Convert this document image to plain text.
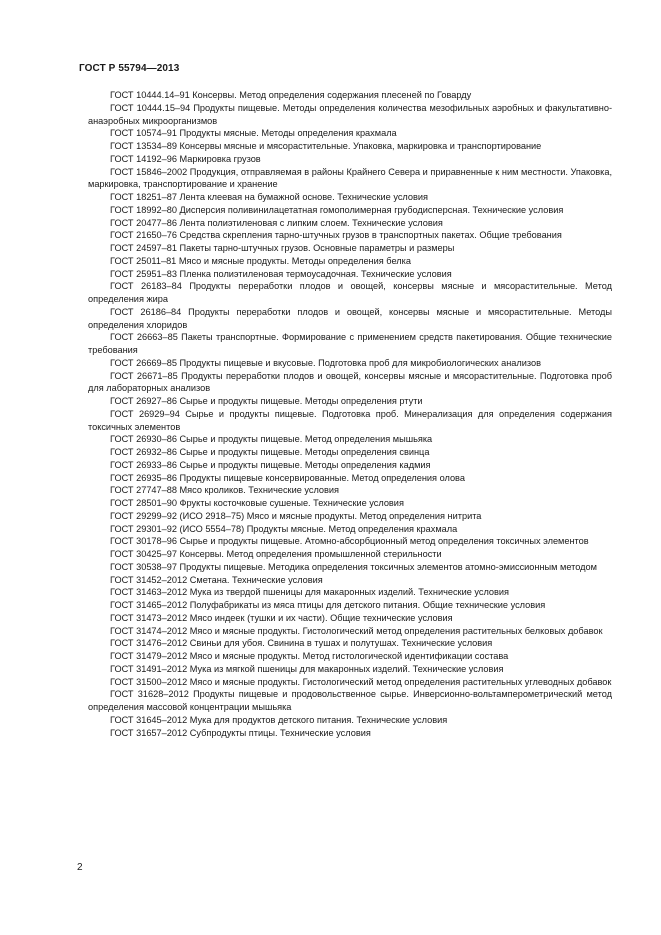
ГОСТ Р 55794—2013

ГОСТ 10444.14–91 Консервы. Метод определения содержания плесеней по Говарду

ГОСТ 10444.15–94 Продукты пищевые. Методы определения количества мезофильных аэробных и факультативно-анаэробных микроорганизмов

ГОСТ 10574–91 Продукты мясные. Методы определения крахмала

ГОСТ 13534–89 Консервы мясные и мясорастительные. Упаковка, маркировка и транспортирование

ГОСТ 14192–96 Маркировка грузов

ГОСТ 15846–2002 Продукция, отправляемая в районы Крайнего Севера и приравненные к ним местности. Упаковка, маркировка, транспортирование и хранение

ГОСТ 18251–87 Лента клеевая на бумажной основе. Технические условия

ГОСТ 18992–80 Дисперсия поливинилацетатная гомополимерная грубодисперсная. Технические условия

ГОСТ 20477–86 Лента полиэтиленовая с липким слоем. Технические условия

ГОСТ 21650–76 Средства скрепления тарно-штучных грузов в транспортных пакетах. Общие требования

ГОСТ 24597–81 Пакеты тарно-штучных грузов. Основные параметры и размеры

ГОСТ 25011–81 Мясо и мясные продукты. Методы определения белка

ГОСТ 25951–83 Пленка полиэтиленовая термоусадочная. Технические условия

ГОСТ 26183–84 Продукты переработки плодов и овощей, консервы мясные и мясорастительные. Метод определения жира

ГОСТ 26186–84 Продукты переработки плодов и овощей, консервы мясные и мясорастительные. Методы определения хлоридов

ГОСТ 26663–85 Пакеты транспортные. Формирование с применением средств пакетирования. Общие технические требования

ГОСТ 26669–85 Продукты пищевые и вкусовые. Подготовка проб для микробиологических анализов

ГОСТ 26671–85 Продукты переработки плодов и овощей, консервы мясные и мясорастительные. Подготовка проб для лабораторных анализов

ГОСТ 26927–86 Сырье и продукты пищевые. Методы определения ртути

ГОСТ 26929–94 Сырье и продукты пищевые. Подготовка проб. Минерализация для определения содержания токсичных элементов

ГОСТ 26930–86 Сырье и продукты пищевые. Метод определения мышьяка

ГОСТ 26932–86 Сырье и продукты пищевые. Методы определения свинца

ГОСТ 26933–86 Сырье и продукты пищевые. Методы определения кадмия

ГОСТ 26935–86 Продукты пищевые консервированные. Метод определения олова

ГОСТ 27747–88 Мясо кроликов. Технические условия

ГОСТ 28501–90 Фрукты косточковые сушеные. Технические условия

ГОСТ 29299–92 (ИСО 2918–75) Мясо и мясные продукты. Метод определения нитрита

ГОСТ 29301–92 (ИСО 5554–78) Продукты мясные. Метод определения крахмала

ГОСТ 30178–96 Сырье и продукты пищевые. Атомно-абсорбционный метод определения токсичных элементов

ГОСТ 30425–97 Консервы. Метод определения промышленной стерильности

ГОСТ 30538–97 Продукты пищевые. Методика определения токсичных элементов атомно-эмиссионным методом

ГОСТ 31452–2012 Сметана. Технические условия

ГОСТ 31463–2012 Мука из твердой пшеницы для макаронных изделий. Технические условия

ГОСТ 31465–2012 Полуфабрикаты из мяса птицы для детского питания. Общие технические условия

ГОСТ 31473–2012 Мясо индеек (тушки и их части). Общие технические условия

ГОСТ 31474–2012 Мясо и мясные продукты. Гистологический метод определения растительных белковых добавок

ГОСТ 31476–2012 Свиньи для убоя. Свинина в тушах и полутушах. Технические условия

ГОСТ 31479–2012 Мясо и мясные продукты. Метод гистологической идентификации состава

ГОСТ 31491–2012 Мука из мягкой пшеницы для макаронных изделий. Технические условия

ГОСТ 31500–2012 Мясо и мясные продукты. Гистологический метод определения растительных углеводных добавок

ГОСТ 31628–2012 Продукты пищевые и продовольственное сырье. Инверсионно-вольтамперометрический метод определения массовой концентрации мышьяка

ГОСТ 31645–2012 Мука для продуктов детского питания. Технические условия

ГОСТ 31657–2012 Субпродукты птицы. Технические условия

2
